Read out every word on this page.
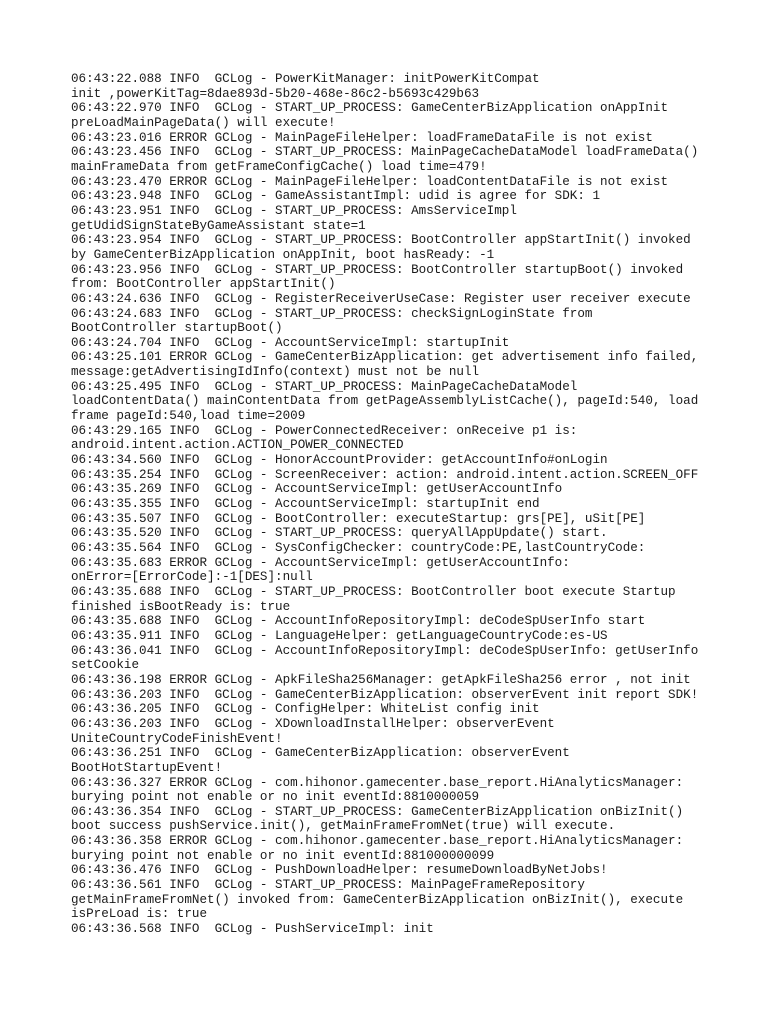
06:43:22.088 INFO  GCLog - PowerKitManager: initPowerKitCompat
init ,powerKitTag=8dae893d-5b20-468e-86c2-b5693c429b63
06:43:22.970 INFO  GCLog - START_UP_PROCESS: GameCenterBizApplication onAppInit
preLoadMainPageData() will execute!
06:43:23.016 ERROR GCLog - MainPageFileHelper: loadFrameDataFile is not exist
06:43:23.456 INFO  GCLog - START_UP_PROCESS: MainPageCacheDataModel loadFrameData()
mainFrameData from getFrameConfigCache() load time=479!
06:43:23.470 ERROR GCLog - MainPageFileHelper: loadContentDataFile is not exist
06:43:23.948 INFO  GCLog - GameAssistantImpl: udid is agree for SDK: 1
06:43:23.951 INFO  GCLog - START_UP_PROCESS: AmsServiceImpl
getUdidSignStateByGameAssistant state=1
06:43:23.954 INFO  GCLog - START_UP_PROCESS: BootController appStartInit() invoked
by GameCenterBizApplication onAppInit, boot hasReady: -1
06:43:23.956 INFO  GCLog - START_UP_PROCESS: BootController startupBoot() invoked
from: BootController appStartInit()
06:43:24.636 INFO  GCLog - RegisterReceiverUseCase: Register user receiver execute
06:43:24.683 INFO  GCLog - START_UP_PROCESS: checkSignLoginState from
BootController startupBoot()
06:43:24.704 INFO  GCLog - AccountServiceImpl: startupInit
06:43:25.101 ERROR GCLog - GameCenterBizApplication: get advertisement info failed,
message:getAdvertisingIdInfo(context) must not be null
06:43:25.495 INFO  GCLog - START_UP_PROCESS: MainPageCacheDataModel
loadContentData() mainContentData from getPageAssemblyListCache(), pageId:540, load
frame pageId:540,load time=2009
06:43:29.165 INFO  GCLog - PowerConnectedReceiver: onReceive p1 is:
android.intent.action.ACTION_POWER_CONNECTED
06:43:34.560 INFO  GCLog - HonorAccountProvider: getAccountInfo#onLogin
06:43:35.254 INFO  GCLog - ScreenReceiver: action: android.intent.action.SCREEN_OFF
06:43:35.269 INFO  GCLog - AccountServiceImpl: getUserAccountInfo
06:43:35.355 INFO  GCLog - AccountServiceImpl: startupInit end
06:43:35.507 INFO  GCLog - BootController: executeStartup: grs[PE], uSit[PE]
06:43:35.520 INFO  GCLog - START_UP_PROCESS: queryAllAppUpdate() start.
06:43:35.564 INFO  GCLog - SysConfigChecker: countryCode:PE,lastCountryCode:
06:43:35.683 ERROR GCLog - AccountServiceImpl: getUserAccountInfo:
onError=[ErrorCode]:-1[DES]:null
06:43:35.688 INFO  GCLog - START_UP_PROCESS: BootController boot execute Startup
finished isBootReady is: true
06:43:35.688 INFO  GCLog - AccountInfoRepositoryImpl: deCodeSpUserInfo start
06:43:35.911 INFO  GCLog - LanguageHelper: getLanguageCountryCode:es-US
06:43:36.041 INFO  GCLog - AccountInfoRepositoryImpl: deCodeSpUserInfo: getUserInfo
setCookie
06:43:36.198 ERROR GCLog - ApkFileSha256Manager: getApkFileSha256 error , not init
06:43:36.203 INFO  GCLog - GameCenterBizApplication: observerEvent init report SDK!
06:43:36.205 INFO  GCLog - ConfigHelper: WhiteList config init
06:43:36.203 INFO  GCLog - XDownloadInstallHelper: observerEvent
UniteCountryCodeFinishEvent!
06:43:36.251 INFO  GCLog - GameCenterBizApplication: observerEvent
BootHotStartupEvent!
06:43:36.327 ERROR GCLog - com.hihonor.gamecenter.base_report.HiAnalyticsManager:
burying point not enable or no init eventId:8810000059
06:43:36.354 INFO  GCLog - START_UP_PROCESS: GameCenterBizApplication onBizInit()
boot success pushService.init(), getMainFrameFromNet(true) will execute.
06:43:36.358 ERROR GCLog - com.hihonor.gamecenter.base_report.HiAnalyticsManager:
burying point not enable or no init eventId:881000000099
06:43:36.476 INFO  GCLog - PushDownloadHelper: resumeDownloadByNetJobs!
06:43:36.561 INFO  GCLog - START_UP_PROCESS: MainPageFrameRepository
getMainFrameFromNet() invoked from: GameCenterBizApplication onBizInit(), execute
isPreLoad is: true
06:43:36.568 INFO  GCLog - PushServiceImpl: init
